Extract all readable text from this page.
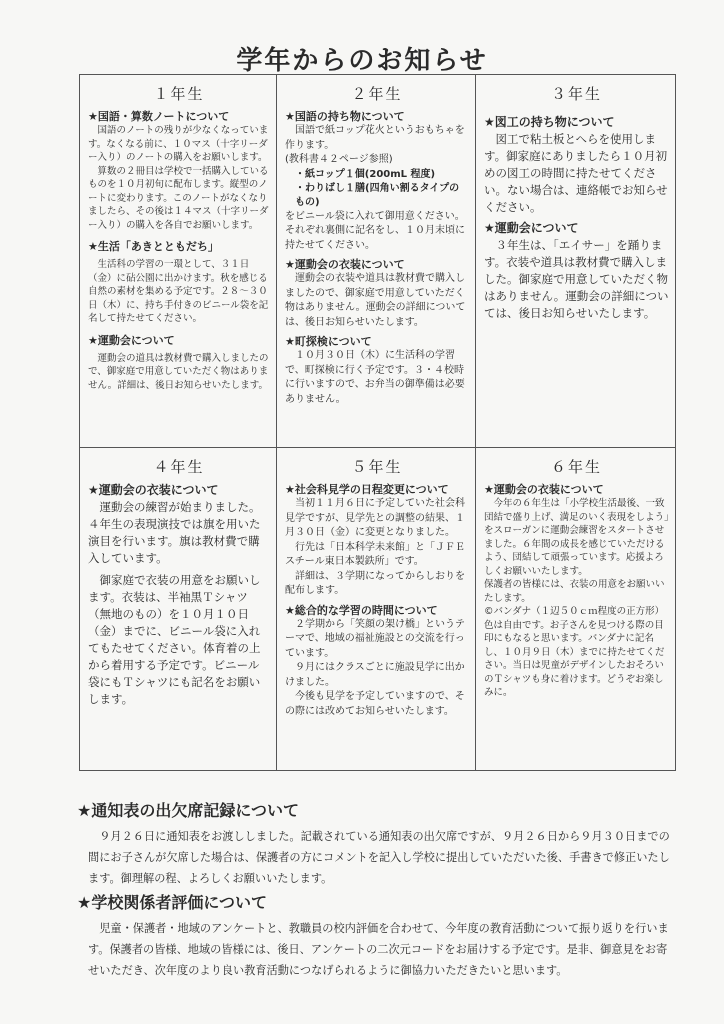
学年からのお知らせ
１年生
★国語・算数ノートについて
国語のノートの残りが少なくなっています。なくなる前に、１０マス（十字リーダー入り）のノートの購入をお願いします。
算数の２冊目は学校で一括購入しているものを１０月初旬に配布します。縦型のノートに変わります。このノートがなくなりましたら、その後は１４マス（十字リーダー入り）の購入を各自でお願いします。
★生活「あきとともだち」
生活科の学習の一環として、３１日（金）に砧公園に出かけます。秋を感じる自然の素材を集める予定です。２８～３０日（木）に、持ち手付きのビニール袋を記名して持たせてください。
★運動会について
運動会の道具は教材費で購入しましたので、御家庭で用意していただく物はありません。詳細は、後日お知らせいたします。
２年生
★国語の持ち物について
国語で紙コップ花火というおもちゃを作ります。
(教科書４２ページ参照)
・紙コップ１個(200mL 程度)
・わりばし１膳(四角い割るタイプのもの)
をビニール袋に入れて御用意ください。それぞれ裏側に記名をし、１０月末頃に持たせてください。
★運動会の衣装について
運動会の衣装や道具は教材費で購入しましたので、御家庭で用意していただく物はありません。運動会の詳細については、後日お知らせいたします。
★町探検について
１０月３０日（木）に生活科の学習で、町探検に行く予定です。３・４校時に行いますので、お弁当の御準備は必要ありません。
３年生
★図工の持ち物について
図工で粘土板とへらを使用します。御家庭にありましたら１０月初めの図工の時間に持たせてください。ない場合は、連絡帳でお知らせください。
★運動会について
３年生は、「エイサー」を踊ります。衣装や道具は教材費で購入しました。御家庭で用意していただく物はありません。運動会の詳細については、後日お知らせいたします。
４年生
★運動会の衣装について
運動会の練習が始まりました。４年生の表現演技では旗を用いた演目を行います。旗は教材費で購入しています。
御家庭で衣装の用意をお願いします。衣装は、半袖黒Ｔシャツ（無地のもの）を１０月１０日（金）までに、ビニール袋に入れてもたせてください。体育着の上から着用する予定です。ビニール袋にもＴシャツにも記名をお願いします。
５年生
★社会科見学の日程変更について
当初１１月６日に予定していた社会科見学ですが、見学先との調整の結果、１月３０日（金）に変更となりました。
行先は「日本科学未来館」と「ＪＦＥスチール東日本製鉄所」です。
詳細は、３学期になってからしおりを配布します。
★総合的な学習の時間について
２学期から「笑顔の架け橋」というテーマで、地域の福祉施設との交流を行っています。
９月にはクラスごとに施設見学に出かけました。
今後も見学を予定していますので、その際には改めてお知らせいたします。
６年生
★運動会の衣装について
今年の６年生は「小学校生活最後、一致団結で盛り上げ、満足のいく表現をしよう」をスローガンに運動会練習をスタートさせました。６年間の成長を感じていただけるよう、団結して頑張っています。応援よろしくお願いいたします。
保護者の皆様には、衣装の用意をお願いいたします。
©バンダナ（１辺５０ｃｍ程度の正方形）色は自由です。お子さんを見つける際の目印にもなると思います。バンダナに記名し、１０月９日（木）までに持たせてください。当日は児童がデザインしたおそろいのＴシャツも身に着けます。どうぞお楽しみに。
★通知表の出欠席記録について
９月２６日に通知表をお渡ししました。記載されている通知表の出欠席ですが、９月２６日から９月３０日までの間にお子さんが欠席した場合は、保護者の方にコメントを記入し学校に提出していただいた後、手書きで修正いたします。御理解の程、よろしくお願いいたします。
★学校関係者評価について
児童・保護者・地域のアンケートと、教職員の校内評価を合わせて、今年度の教育活動について振り返りを行います。保護者の皆様、地域の皆様には、後日、アンケートの二次元コードをお届けする予定です。是非、御意見をお寄せいただき、次年度のより良い教育活動につなげられるように御協力いただきたいと思います。
